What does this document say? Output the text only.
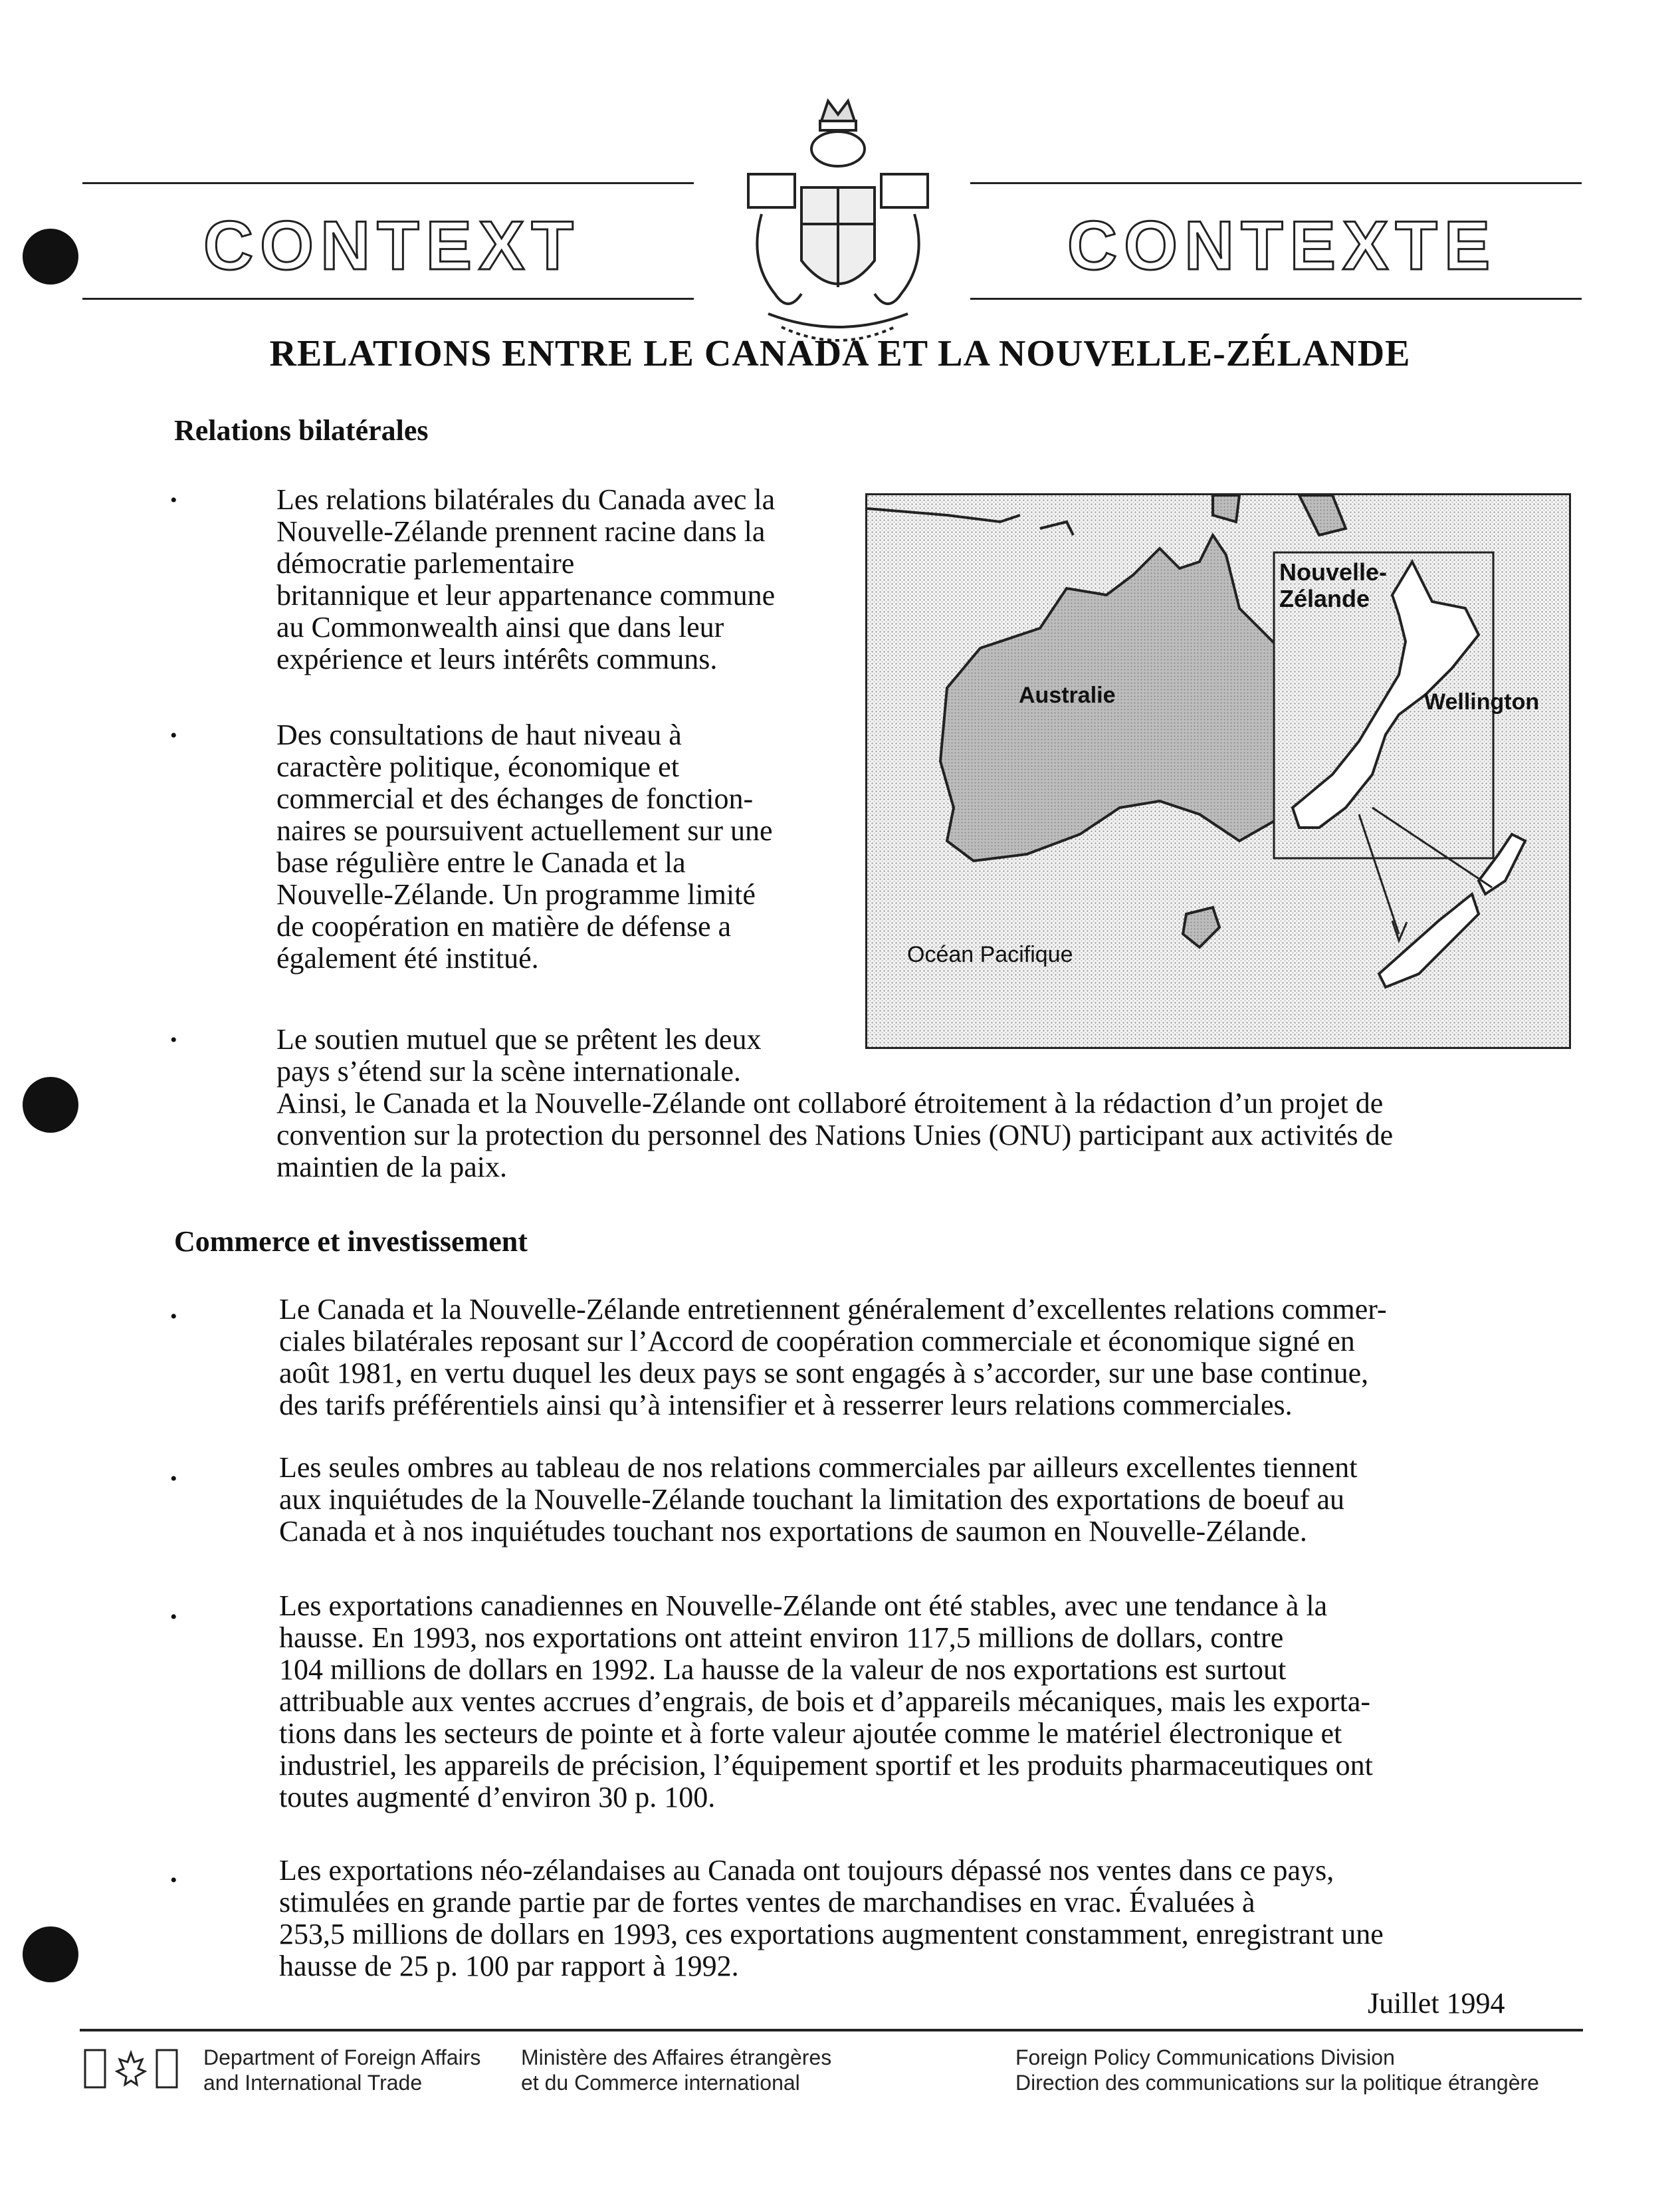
CONTEXT	CONTEXTE
RELATIONS ENTRE LE CANADA ET LA NOUVELLE-ZÉLANDE
Relations bilatérales
•	Les relations bilatérales du Canada avec la
Nouvelle-Zélande prennent racine dans la
démocratie parlementaire
britannique et leur appartenance commune
au Commonwealth ainsi que dans leur
expérience et leurs intérêts communs.
•	Des consultations de haut niveau à
caractère politique, économique et
commercial et des échanges de fonction-
naires se poursuivent actuellement sur une
base régulière entre le Canada et la
Nouvelle-Zélande. Un programme limité
de coopération en matière de défense a
également été institué.
•	Le soutien mutuel que se prêtent les deux
pays s’étend sur la scène internationale.
Ainsi, le Canada et la Nouvelle-Zélande ont collaboré étroitement à la rédaction d’un projet de
convention sur la protection du personnel des Nations Unies (ONU) participant aux activités de
maintien de la paix.
Nouvelle-
Zélande
Wellington
Australie
Océan Pacifique
Commerce et investissement
•	Le Canada et la Nouvelle-Zélande entretiennent généralement d’excellentes relations commer-
ciales bilatérales reposant sur l’Accord de coopération commerciale et économique signé en
août 1981, en vertu duquel les deux pays se sont engagés à s’accorder, sur une base continue,
des tarifs préférentiels ainsi qu’à intensifier et à resserrer leurs relations commerciales.
•	Les seules ombres au tableau de nos relations commerciales par ailleurs excellentes tiennent
aux inquiétudes de la Nouvelle-Zélande touchant la limitation des exportations de boeuf au
Canada et à nos inquiétudes touchant nos exportations de saumon en Nouvelle-Zélande.
•	Les exportations canadiennes en Nouvelle-Zélande ont été stables, avec une tendance à la
hausse. En 1993, nos exportations ont atteint environ 117,5 millions de dollars, contre
104 millions de dollars en 1992. La hausse de la valeur de nos exportations est surtout
attribuable aux ventes accrues d’engrais, de bois et d’appareils mécaniques, mais les exporta-
tions dans les secteurs de pointe et à forte valeur ajoutée comme le matériel électronique et
industriel, les appareils de précision, l’équipement sportif et les produits pharmaceutiques ont
toutes augmenté d’environ 30 p. 100.
•	Les exportations néo-zélandaises au Canada ont toujours dépassé nos ventes dans ce pays,
stimulées en grande partie par de fortes ventes de marchandises en vrac. Évaluées à
253,5 millions de dollars en 1993, ces exportations augmentent constamment, enregistrant une
hausse de 25 p. 100 par rapport à 1992.
Juillet 1994
Department of Foreign Affairs
and International Trade
Ministère des Affaires étrangères
et du Commerce international
Foreign Policy Communications Division
Direction des communications sur la politique étrangère
